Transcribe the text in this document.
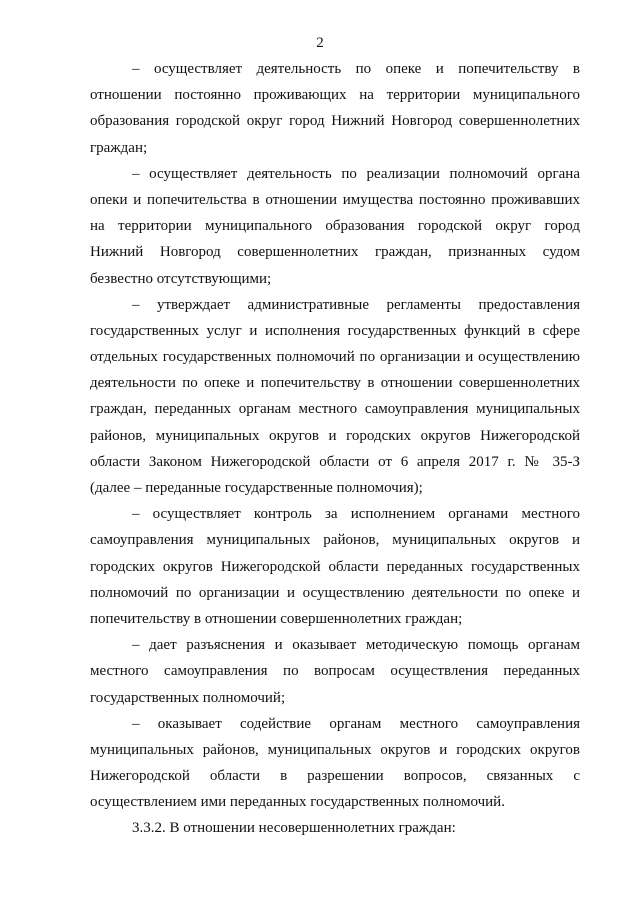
2
– осуществляет деятельность по опеке и попечительству в
отношении постоянно проживающих на территории муниципального
образования городской округ город Нижний Новгород совершеннолетних
граждан;
– осуществляет деятельность по реализации полномочий органа
опеки и попечительства в отношении имущества постоянно проживавших
на территории муниципального образования городской округ город
Нижний Новгород совершеннолетних граждан, признанных судом
безвестно отсутствующими;
– утверждает административные регламенты предоставления
государственных услуг и исполнения государственных функций в сфере
отдельных государственных полномочий по организации и осуществлению
деятельности по опеке и попечительству в отношении совершеннолетних
граждан, переданных органам местного самоуправления муниципальных
районов, муниципальных округов и городских округов Нижегородской
области Законом Нижегородской области от 6 апреля 2017 г. № 35-З
(далее – переданные государственные полномочия);
– осуществляет контроль за исполнением органами местного
самоуправления муниципальных районов, муниципальных округов и
городских округов Нижегородской области переданных государственных
полномочий по организации и осуществлению деятельности по опеке и
попечительству в отношении совершеннолетних граждан;
– дает разъяснения и оказывает методическую помощь органам
местного самоуправления по вопросам осуществления переданных
государственных полномочий;
– оказывает содействие органам местного самоуправления
муниципальных районов, муниципальных округов и городских округов
Нижегородской области в разрешении вопросов, связанных с
осуществлением ими переданных государственных полномочий.
3.3.2. В отношении несовершеннолетних граждан:
